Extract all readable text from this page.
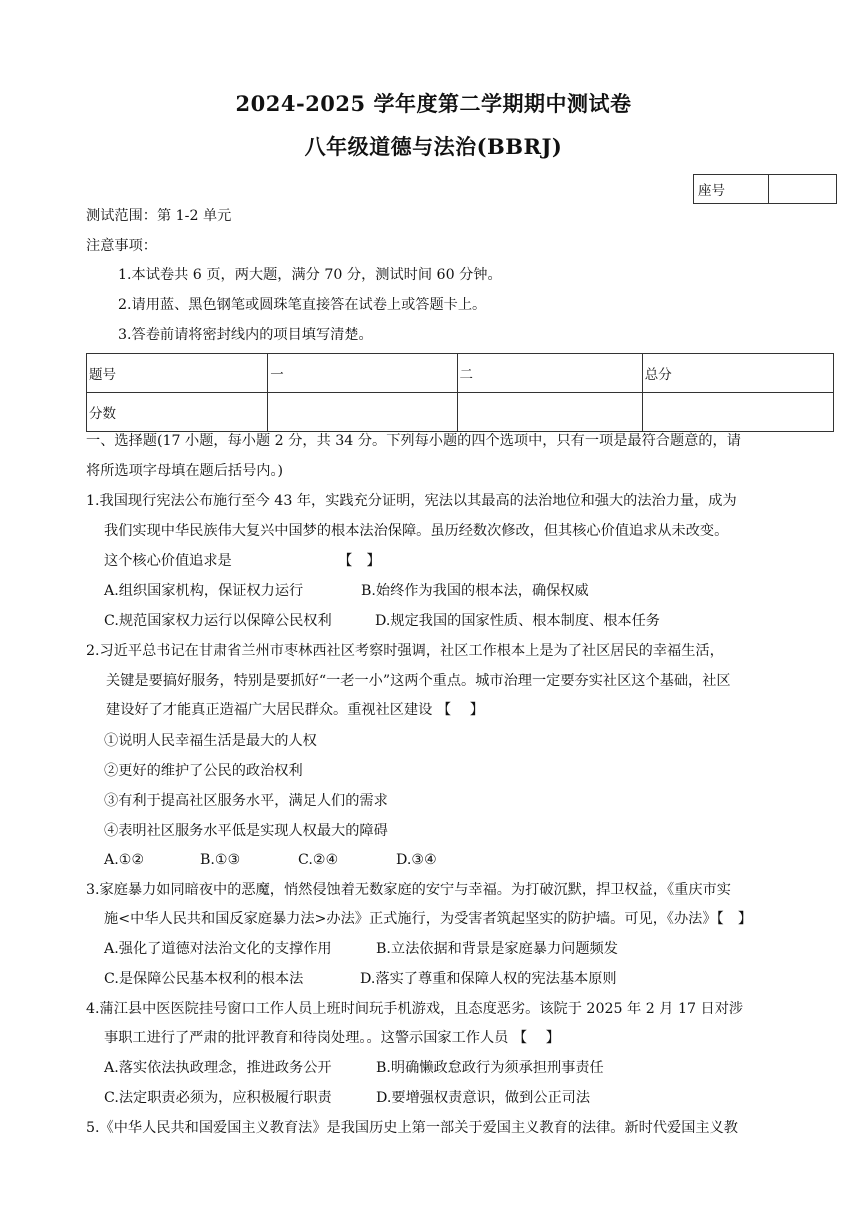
2024-2025 学年度第二学期期中测试卷
八年级道德与法治(BBRJ)
座号	
测试范围：第 1-2 单元
注意事项：
1.本试卷共 6 页，两大题，满分 70 分，测试时间 60 分钟。
2.请用蓝、黑色钢笔或圆珠笔直接答在试卷上或答题卡上。
3.答卷前请将密封线内的项目填写清楚。
题号	一	二	总分
分数			
一、选择题(17 小题，每小题 2 分，共 34 分。下列每小题的四个选项中，只有一项是最符合题意的，请
将所选项字母填在题后括号内。)
1.我国现行宪法公布施行至今 43 年，实践充分证明，宪法以其最高的法治地位和强大的法治力量，成为
我们实现中华民族伟大复兴中国梦的根本法治保障。虽历经数次修改，但其核心价值追求从未改变。
这个核心价值追求是　　　　　　　　【　】
A.组织国家机构，保证权力运行	B.始终作为我国的根本法，确保权威
C.规范国家权力运行以保障公民权利	D.规定我国的国家性质、根本制度、根本任务
2.习近平总书记在甘肃省兰州市枣林西社区考察时强调，社区工作根本上是为了社区居民的幸福生活，
关键是要搞好服务，特别是要抓好“一老一小”这两个重点。城市治理一定要夯实社区这个基础，社区
建设好了才能真正造福广大居民群众。重视社区建设 【　 】
①说明人民幸福生活是最大的人权
②更好的维护了公民的政治权利
③有利于提高社区服务水平，满足人们的需求
④表明社区服务水平低是实现人权最大的障碍
A.①②	B.①③	C.②④	D.③④
3.家庭暴力如同暗夜中的恶魔，悄然侵蚀着无数家庭的安宁与幸福。为打破沉默，捍卫权益，《重庆市实
施<中华人民共和国反家庭暴力法>办法》正式施行，为受害者筑起坚实的防护墙。可见，《办法》【　】
A.强化了道德对法治文化的支撑作用	B.立法依据和背景是家庭暴力问题频发
C.是保障公民基本权利的根本法	D.落实了尊重和保障人权的宪法基本原则
4.蒲江县中医医院挂号窗口工作人员上班时间玩手机游戏，且态度恶劣。该院于 2025 年 2 月 17 日对涉
事职工进行了严肃的批评教育和待岗处理。。这警示国家工作人员 【　 】
A.落实依法执政理念，推进政务公开	B.明确懒政怠政行为须承担刑事责任
C.法定职责必须为，应积极履行职责	D.要增强权责意识，做到公正司法
5.《中华人民共和国爱国主义教育法》是我国历史上第一部关于爱国主义教育的法律。新时代爱国主义教
